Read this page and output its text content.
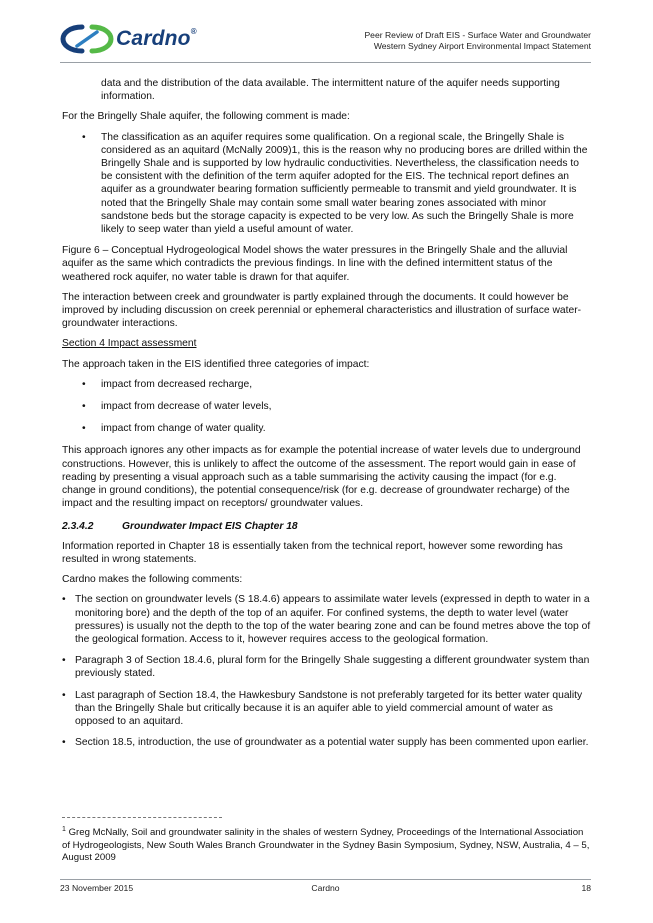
Cardno®	Peer Review of Draft EIS - Surface Water and Groundwater
Western Sydney Airport Environmental Impact Statement

data and the distribution of the data available. The intermittent nature of the aquifer needs supporting information.

For the Bringelly Shale aquifer, the following comment is made:

• The classification as an aquifer requires some qualification. On a regional scale, the Bringelly Shale is considered as an aquitard (McNally 2009)1, this is the reason why no producing bores are drilled within the Bringelly Shale and is supported by low hydraulic conductivities. Nevertheless, the classification needs to be consistent with the definition of the term aquifer adopted for the EIS. The technical report defines an aquifer as a groundwater bearing formation sufficiently permeable to transmit and yield groundwater. It is noted that the Bringelly Shale may contain some small water bearing zones associated with minor sandstone beds but the storage capacity is expected to be very low. As such the Bringelly Shale is more likely to seep water than yield a useful amount of water.

Figure 6 – Conceptual Hydrogeological Model shows the water pressures in the Bringelly Shale and the alluvial aquifer as the same which contradicts the previous findings. In line with the defined intermittent status of the weathered rock aquifer, no water table is drawn for that aquifer.

The interaction between creek and groundwater is partly explained through the documents. It could however be improved by including discussion on creek perennial or ephemeral characteristics and illustration of surface water-groundwater interactions.

Section 4 Impact assessment

The approach taken in the EIS identified three categories of impact:

• impact from decreased recharge,
• impact from decrease of water levels,
• impact from change of water quality.

This approach ignores any other impacts as for example the potential increase of water levels due to underground constructions. However, this is unlikely to affect the outcome of the assessment. The report would gain in ease of reading by presenting a visual approach such as a table summarising the activity causing the impact (for e.g. change in ground conditions), the potential consequence/risk (for e.g. decrease of groundwater recharge) of the impact and the resulting impact on receptors/ groundwater values.

2.3.4.2	Groundwater Impact EIS Chapter 18

Information reported in Chapter 18 is essentially taken from the technical report, however some rewording has resulted in wrong statements.

Cardno makes the following comments:

• The section on groundwater levels (S 18.4.6) appears to assimilate water levels (expressed in depth to water in a monitoring bore) and the depth of the top of an aquifer. For confined systems, the depth to water level (water pressures) is usually not the depth to the top of the water bearing zone and can be found metres above the top of the geological formation. Access to it, however requires access to the geological formation.
• Paragraph 3 of Section 18.4.6, plural form for the Bringelly Shale suggesting a different groundwater system than previously stated.
• Last paragraph of Section 18.4, the Hawkesbury Sandstone is not preferably targeted for its better water quality than the Bringelly Shale but critically because it is an aquifer able to yield commercial amount of water as opposed to an aquitard.
• Section 18.5, introduction, the use of groundwater as a potential water supply has been commented upon earlier.
$^1$ Greg McNally, Soil and groundwater salinity in the shales of western Sydney, Proceedings of the International Association of Hydrogeologists, New South Wales Branch Groundwater in the Sydney Basin Symposium, Sydney, NSW, Australia, 4 – 5, August 2009
23 November 2015	Cardno	18
